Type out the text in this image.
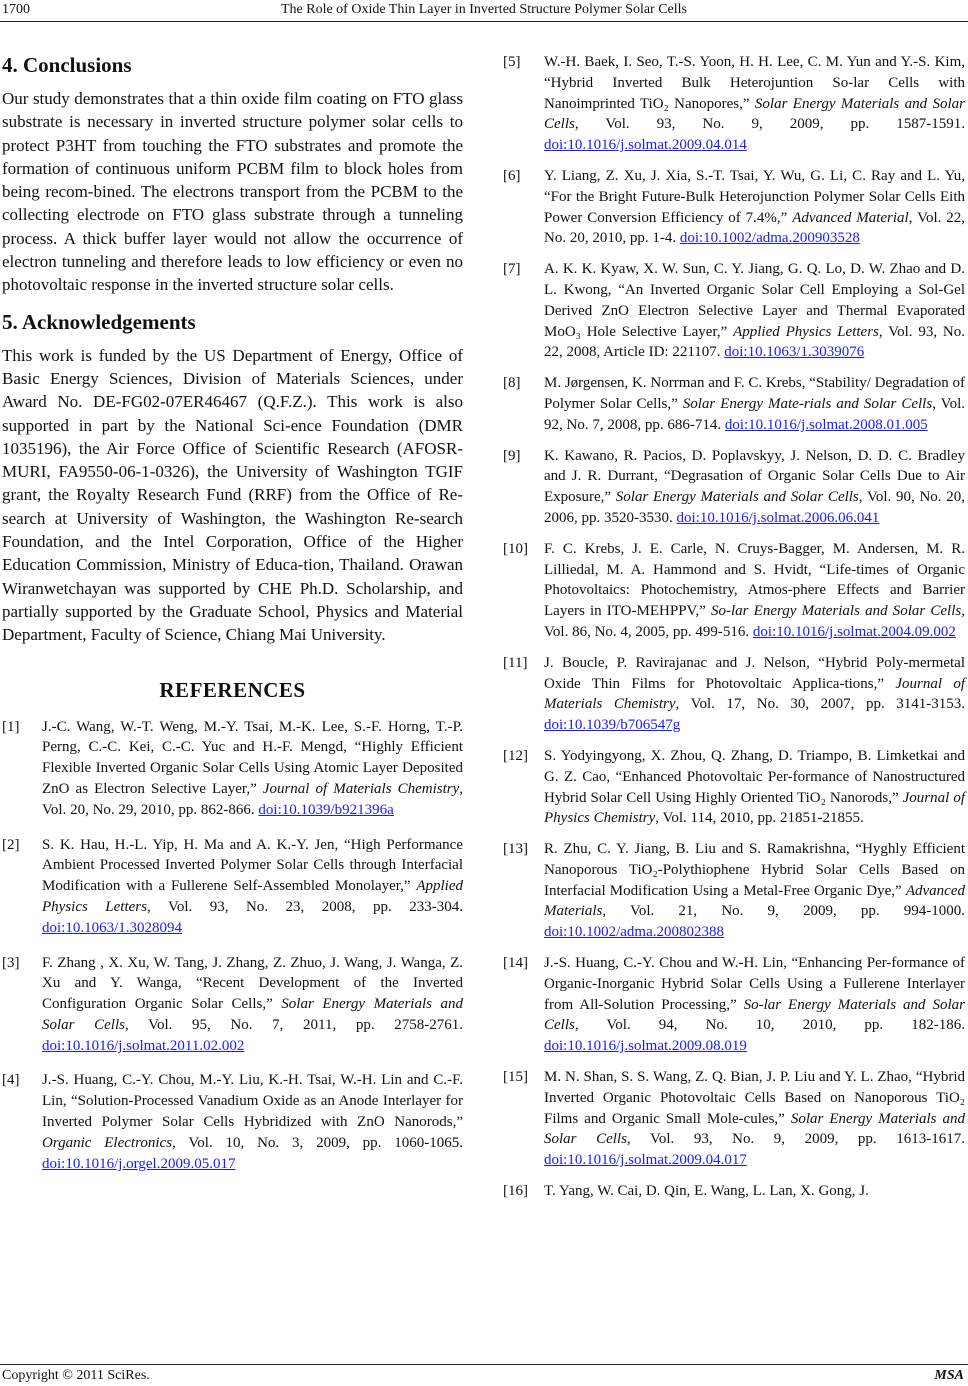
1700	The Role of Oxide Thin Layer in Inverted Structure Polymer Solar Cells
4. Conclusions

Our study demonstrates that a thin oxide film coating on FTO glass substrate is necessary in inverted structure polymer solar cells to protect P3HT from touching the FTO substrates and promote the formation of continuous uniform PCBM film to block holes from being recom-bined. The electrons transport from the PCBM to the collecting electrode on FTO glass substrate through a tunneling process. A thick buffer layer would not allow the occurrence of electron tunneling and therefore leads to low efficiency or even no photovoltaic response in the inverted structure solar cells.

5. Acknowledgements

This work is funded by the US Department of Energy, Office of Basic Energy Sciences, Division of Materials Sciences, under Award No. DE-FG02-07ER46467 (Q.F.Z.). This work is also supported in part by the National Sci-ence Foundation (DMR 1035196), the Air Force Office of Scientific Research (AFOSR-MURI, FA9550-06-1-0326), the University of Washington TGIF grant, the Royalty Research Fund (RRF) from the Office of Re-search at University of Washington, the Washington Re-search Foundation, and the Intel Corporation, Office of the Higher Education Commission, Ministry of Educa-tion, Thailand. Orawan Wiranwetchayan was supported by CHE Ph.D. Scholarship, and partially supported by the Graduate School, Physics and Material Department, Faculty of Science, Chiang Mai University.

REFERENCES
[1]	J.-C. Wang, W.-T. Weng, M.-Y. Tsai, M.-K. Lee, S.-F. Horng, T.-P. Perng, C.-C. Kei, C.-C. Yuc and H.-F. Mengd, “Highly Efficient Flexible Inverted Organic Solar Cells Using Atomic Layer Deposited ZnO as Electron Selective Layer,” Journal of Materials Chemistry, Vol. 20, No. 29, 2010, pp. 862-866. doi:10.1039/b921396a
[2]	S. K. Hau, H.-L. Yip, H. Ma and A. K.-Y. Jen, “High Performance Ambient Processed Inverted Polymer Solar Cells through Interfacial Modification with a Fullerene Self-Assembled Monolayer,” Applied Physics Letters, Vol. 93, No. 23, 2008, pp. 233-304. doi:10.1063/1.3028094
[3]	F. Zhang , X. Xu, W. Tang, J. Zhang, Z. Zhuo, J. Wang, J. Wanga, Z. Xu and Y. Wanga, “Recent Development of the Inverted Configuration Organic Solar Cells,” Solar Energy Materials and Solar Cells, Vol. 95, No. 7, 2011, pp. 2758-2761. doi:10.1016/j.solmat.2011.02.002
[4]	J.-S. Huang, C.-Y. Chou, M.-Y. Liu, K.-H. Tsai, W.-H. Lin and C.-F. Lin, “Solution-Processed Vanadium Oxide as an Anode Interlayer for Inverted Polymer Solar Cells Hybridized with ZnO Nanorods,” Organic Electronics, Vol. 10, No. 3, 2009, pp. 1060-1065. doi:10.1016/j.orgel.2009.05.017
[5]	W.-H. Baek, I. Seo, T.-S. Yoon, H. H. Lee, C. M. Yun and Y.-S. Kim, “Hybrid Inverted Bulk Heterojuntion So-lar Cells with Nanoimprinted TiO₂ Nanopores,” Solar Energy Materials and Solar Cells, Vol. 93, No. 9, 2009, pp. 1587-1591. doi:10.1016/j.solmat.2009.04.014
[6]	Y. Liang, Z. Xu, J. Xia, S.-T. Tsai, Y. Wu, G. Li, C. Ray and L. Yu, “For the Bright Future-Bulk Heterojunction Polymer Solar Cells Eith Power Conversion Efficiency of 7.4%,” Advanced Material, Vol. 22, No. 20, 2010, pp. 1-4. doi:10.1002/adma.200903528
[7]	A. K. K. Kyaw, X. W. Sun, C. Y. Jiang, G. Q. Lo, D. W. Zhao and D. L. Kwong, “An Inverted Organic Solar Cell Employing a Sol-Gel Derived ZnO Electron Selective Layer and Thermal Evaporated MoO₃ Hole Selective Layer,” Applied Physics Letters, Vol. 93, No. 22, 2008, Article ID: 221107. doi:10.1063/1.3039076
[8]	M. Jørgensen, K. Norrman and F. C. Krebs, “Stability/ Degradation of Polymer Solar Cells,” Solar Energy Mate-rials and Solar Cells, Vol. 92, No. 7, 2008, pp. 686-714. doi:10.1016/j.solmat.2008.01.005
[9]	K. Kawano, R. Pacios, D. Poplavskyy, J. Nelson, D. D. C. Bradley and J. R. Durrant, “Degrasation of Organic Solar Cells Due to Air Exposure,” Solar Energy Materials and Solar Cells, Vol. 90, No. 20, 2006, pp. 3520-3530. doi:10.1016/j.solmat.2006.06.041
[10]	F. C. Krebs, J. E. Carle, N. Cruys-Bagger, M. Andersen, M. R. Lilliedal, M. A. Hammond and S. Hvidt, “Life-times of Organic Photovoltaics: Photochemistry, Atmos-phere Effects and Barrier Layers in ITO-MEHPPV,” So-lar Energy Materials and Solar Cells, Vol. 86, No. 4, 2005, pp. 499-516. doi:10.1016/j.solmat.2004.09.002
[11]	J. Boucle, P. Ravirajanac and J. Nelson, “Hybrid Poly-mermetal Oxide Thin Films for Photovoltaic Applica-tions,” Journal of Materials Chemistry, Vol. 17, No. 30, 2007, pp. 3141-3153. doi:10.1039/b706547g
[12]	S. Yodyingyong, X. Zhou, Q. Zhang, D. Triampo, B. Limketkai and G. Z. Cao, “Enhanced Photovoltaic Per-formance of Nanostructured Hybrid Solar Cell Using Highly Oriented TiO₂ Nanorods,” Journal of Physics Chemistry, Vol. 114, 2010, pp. 21851-21855.
[13]	R. Zhu, C. Y. Jiang, B. Liu and S. Ramakrishna, “Hyghly Efficient Nanoporous TiO₂-Polythiophene Hybrid Solar Cells Based on Interfacial Modification Using a Metal-Free Organic Dye,” Advanced Materials, Vol. 21, No. 9, 2009, pp. 994-1000. doi:10.1002/adma.200802388
[14]	J.-S. Huang, C.-Y. Chou and W.-H. Lin, “Enhancing Per-formance of Organic-Inorganic Hybrid Solar Cells Using a Fullerene Interlayer from All-Solution Processing,” So-lar Energy Materials and Solar Cells, Vol. 94, No. 10, 2010, pp. 182-186. doi:10.1016/j.solmat.2009.08.019
[15]	M. N. Shan, S. S. Wang, Z. Q. Bian, J. P. Liu and Y. L. Zhao, “Hybrid Inverted Organic Photovoltaic Cells Based on Nanoporous TiO₂ Films and Organic Small Mole-cules,” Solar Energy Materials and Solar Cells, Vol. 93, No. 9, 2009, pp. 1613-1617. doi:10.1016/j.solmat.2009.04.017
[16]	T. Yang, W. Cai, D. Qin, E. Wang, L. Lan, X. Gong, J.
Copyright © 2011 SciRes.	MSA
